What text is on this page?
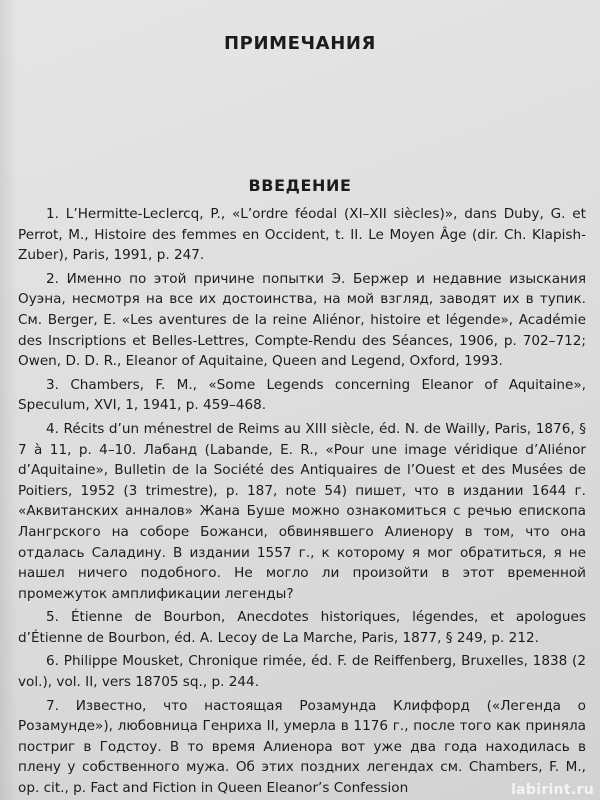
ПРИМЕЧАНИЯ
ВВЕДЕНИЕ

1. L’Hermitte-Leclercq, P., «L’ordre féodal (XI–XII siècles)», dans Duby, G. et Perrot, M., Histoire des femmes en Occident, t. II. Le Moyen Âge (dir. Ch. Klapish-Zuber), Paris, 1991, p. 247.

2. Именно по этой причине попытки Э. Бержер и недавние изыскания Оуэна, несмотря на все их достоинства, на мой взгляд, заводят их в тупик. См. Berger, E. «Les aventures de la reine Aliénor, histoire et légende», Académie des Inscriptions et Belles-Lettres, Compte-Rendu des Séances, 1906, p. 702–712; Owen, D. D. R., Eleanor of Aquitaine, Queen and Legend, Oxford, 1993.

3. Chambers, F. M., «Some Legends concerning Eleanor of Aquitaine», Speculum, XVI, 1, 1941, p. 459–468.

4. Récits d’un ménestrel de Reims au XIII siècle, éd. N. de Wailly, Paris, 1876, § 7 à 11, p. 4–10. Лабанд (Labande, E. R., «Pour une image véridique d’Aliénor d’Aquitaine», Bulletin de la Société des Antiquaires de l’Ouest et des Musées de Poitiers, 1952 (3 trimestre), p. 187, note 54) пишет, что в издании 1644 г. «Аквитанских анналов» Жана Буше можно ознакомиться с речью епископа Лангрского на соборе Божанси, обвинявшего Алиенору в том, что она отдалась Саладину. В издании 1557 г., к которому я мог обратиться, я не нашел ничего подобного. Не могло ли произойти в этот временной промежуток амплификации легенды?

5. Étienne de Bourbon, Anecdotes historiques, légendes, et apologues d’Étienne de Bourbon, éd. A. Lecoy de La Marche, Paris, 1877, § 249, p. 212.

6. Philippe Mousket, Chronique rimée, éd. F. de Reiffenberg, Bruxelles, 1838 (2 vol.), vol. II, vers 18705 sq., p. 244.

7. Известно, что настоящая Розамунда Клиффорд («Легенда о Розамунде»), любовница Генриха II, умерла в 1176 г., после того как приняла постриг в Годстоу. В то время Алиенора вот уже два года находилась в плену у собственного мужа. Об этих поздних легендах см. Chambers, F. M., op. cit., p. Fact and Fiction in Queen Eleanor’s Confession	labirint.ru
